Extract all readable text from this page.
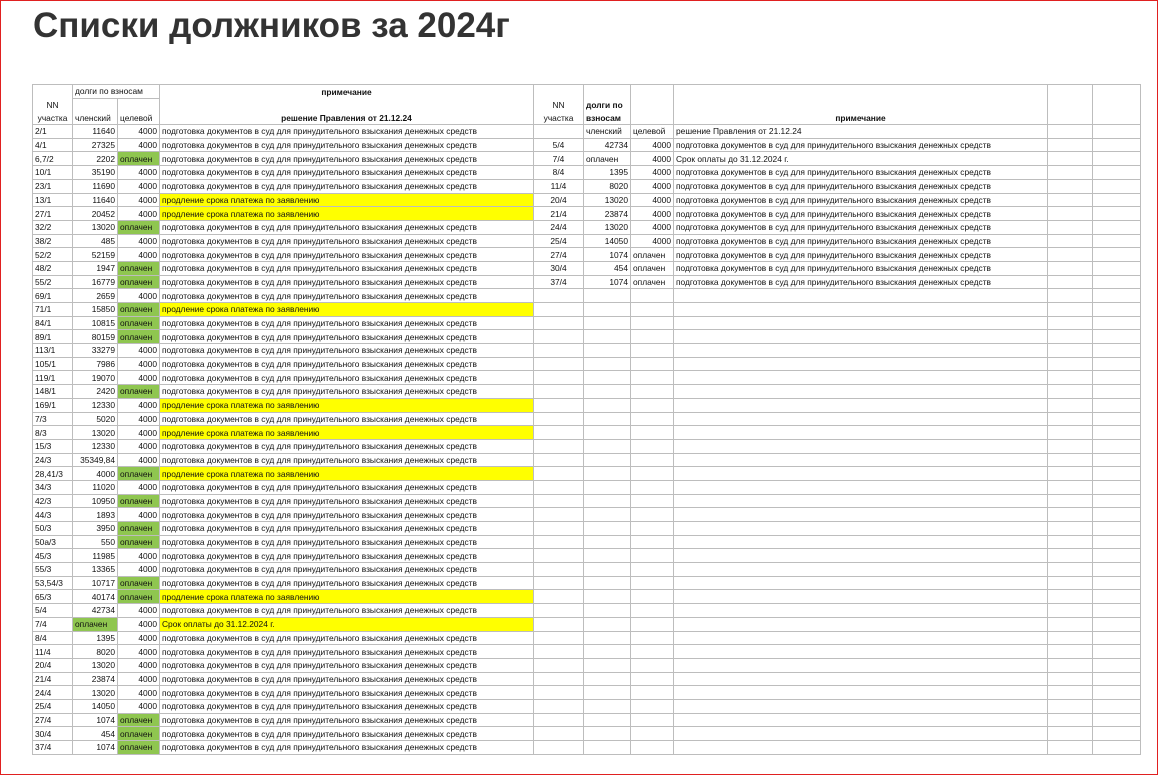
Списки должников за 2024г
	долги по взносам		примечание						
NN				NN	долги по				
участка	членский	целевой	решение Правления от 21.12.24	участка	взносам		примечание		
2/1	11640	4000	подготовка документов в суд для принудительного взыскания денежных средств		членский	целевой	решение Правления от 21.12.24		
4/1	27325	4000	подготовка документов в суд для принудительного взыскания денежных средств	5/4	42734	4000	подготовка документов в суд для принудительного взыскания денежных средств		
6,7/2	2202	оплачен	подготовка документов в суд для принудительного взыскания денежных средств	7/4	оплачен	4000	Срок оплаты до 31.12.2024 г.		
10/1	35190	4000	подготовка документов в суд для принудительного взыскания денежных средств	8/4	1395	4000	подготовка документов в суд для принудительного взыскания денежных средств		
23/1	11690	4000	подготовка документов в суд для принудительного взыскания денежных средств	11/4	8020	4000	подготовка документов в суд для принудительного взыскания денежных средств		
13/1	11640	4000	продление срока платежа по заявлению	20/4	13020	4000	подготовка документов в суд для принудительного взыскания денежных средств		
27/1	20452	4000	продление срока платежа по заявлению	21/4	23874	4000	подготовка документов в суд для принудительного взыскания денежных средств		
32/2	13020	оплачен	подготовка документов в суд для принудительного взыскания денежных средств	24/4	13020	4000	подготовка документов в суд для принудительного взыскания денежных средств		
38/2	485	4000	подготовка документов в суд для принудительного взыскания денежных средств	25/4	14050	4000	подготовка документов в суд для принудительного взыскания денежных средств		
52/2	52159	4000	подготовка документов в суд для принудительного взыскания денежных средств	27/4	1074	оплачен	подготовка документов в суд для принудительного взыскания денежных средств		
48/2	1947	оплачен	подготовка документов в суд для принудительного взыскания денежных средств	30/4	454	оплачен	подготовка документов в суд для принудительного взыскания денежных средств		
55/2	16779	оплачен	подготовка документов в суд для принудительного взыскания денежных средств	37/4	1074	оплачен	подготовка документов в суд для принудительного взыскания денежных средств		
69/1	2659	4000	подготовка документов в суд для принудительного взыскания денежных средств						
71/1	15850	оплачен	продление срока платежа по заявлению						
84/1	10815	оплачен	подготовка документов в суд для принудительного взыскания денежных средств						
89/1	80159	оплачен	подготовка документов в суд для принудительного взыскания денежных средств						
113/1	33279	4000	подготовка документов в суд для принудительного взыскания денежных средств						
105/1	7986	4000	подготовка документов в суд для принудительного взыскания денежных средств						
119/1	19070	4000	подготовка документов в суд для принудительного взыскания денежных средств						
148/1	2420	оплачен	подготовка документов в суд для принудительного взыскания денежных средств						
169/1	12330	4000	продление срока платежа по заявлению						
7/3	5020	4000	подготовка документов в суд для принудительного взыскания денежных средств						
8/3	13020	4000	продление срока платежа по заявлению						
15/3	12330	4000	подготовка документов в суд для принудительного взыскания денежных средств						
24/3	35349,84	4000	подготовка документов в суд для принудительного взыскания денежных средств						
28,41/3	4000	оплачен	продление срока платежа по заявлению						
34/3	11020	4000	подготовка документов в суд для принудительного взыскания денежных средств						
42/3	10950	оплачен	подготовка документов в суд для принудительного взыскания денежных средств						
44/3	1893	4000	подготовка документов в суд для принудительного взыскания денежных средств						
50/3	3950	оплачен	подготовка документов в суд для принудительного взыскания денежных средств						
50а/3	550	оплачен	подготовка документов в суд для принудительного взыскания денежных средств						
45/3	11985	4000	подготовка документов в суд для принудительного взыскания денежных средств						
55/3	13365	4000	подготовка документов в суд для принудительного взыскания денежных средств						
53,54/3	10717	оплачен	подготовка документов в суд для принудительного взыскания денежных средств						
65/3	40174	оплачен	продление срока платежа по заявлению						
5/4	42734	4000	подготовка документов в суд для принудительного взыскания денежных средств						
7/4	оплачен	4000	Срок оплаты до 31.12.2024 г.						
8/4	1395	4000	подготовка документов в суд для принудительного взыскания денежных средств						
11/4	8020	4000	подготовка документов в суд для принудительного взыскания денежных средств						
20/4	13020	4000	подготовка документов в суд для принудительного взыскания денежных средств						
21/4	23874	4000	подготовка документов в суд для принудительного взыскания денежных средств						
24/4	13020	4000	подготовка документов в суд для принудительного взыскания денежных средств						
25/4	14050	4000	подготовка документов в суд для принудительного взыскания денежных средств						
27/4	1074	оплачен	подготовка документов в суд для принудительного взыскания денежных средств						
30/4	454	оплачен	подготовка документов в суд для принудительного взыскания денежных средств						
37/4	1074	оплачен	подготовка документов в суд для принудительного взыскания денежных средств						
